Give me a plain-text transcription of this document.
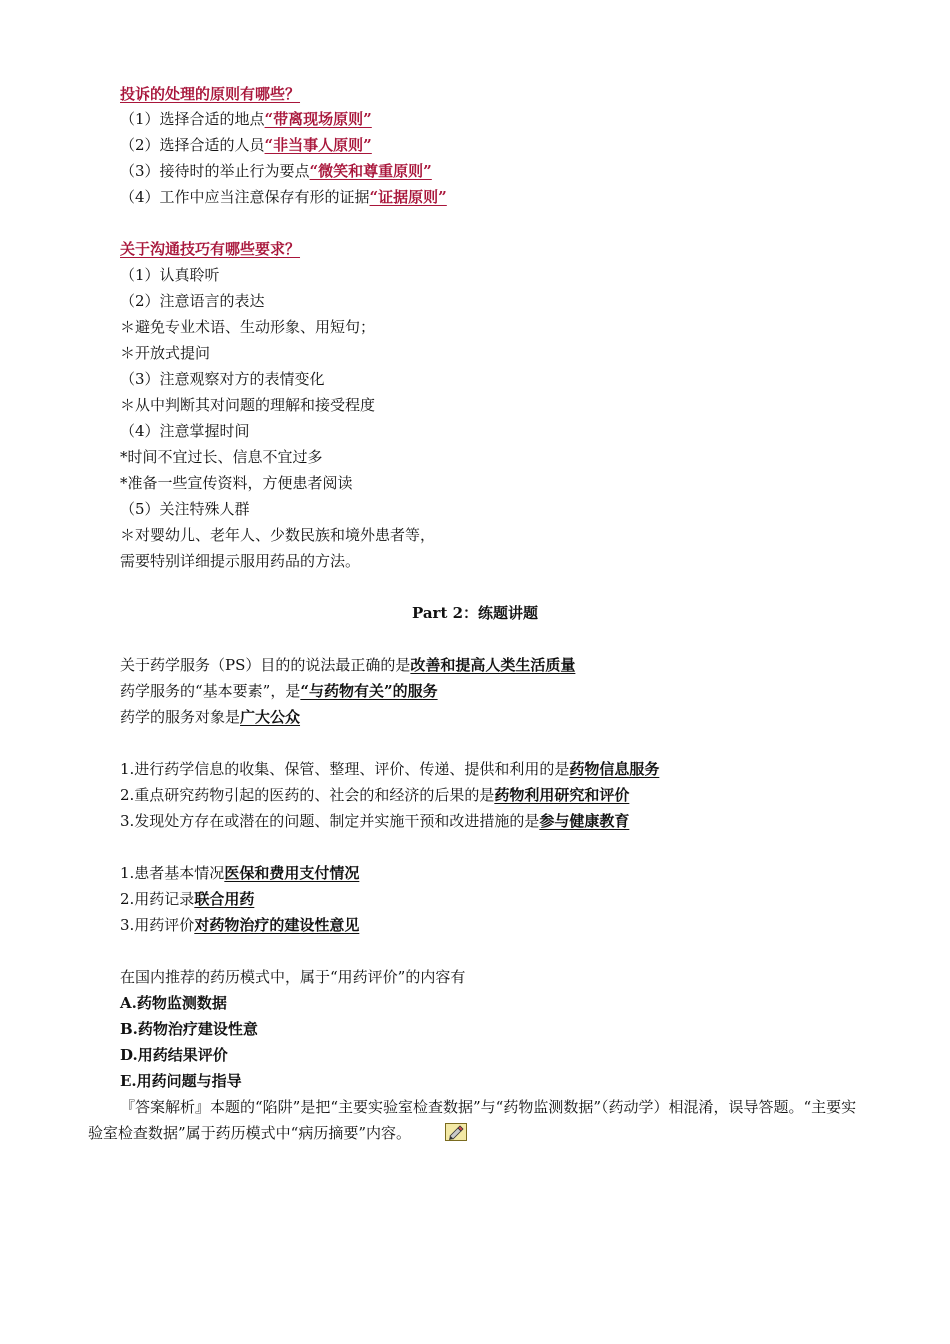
投诉的处理的原则有哪些？
（1）选择合适的地点“带离现场原则”
（2）选择合适的人员“非当事人原则”
（3）接待时的举止行为要点“微笑和尊重原则”
（4）工作中应当注意保存有形的证据“证据原则”
关于沟通技巧有哪些要求？
（1）认真聆听
（2）注意语言的表达
＊避免专业术语、生动形象、用短句；
＊开放式提问
（3）注意观察对方的表情变化
＊从中判断其对问题的理解和接受程度
（4）注意掌握时间
*时间不宜过长、信息不宜过多
*准备一些宣传资料，方便患者阅读
（5）关注特殊人群
＊对婴幼儿、老年人、少数民族和境外患者等，
需要特别详细提示服用药品的方法。
Part 2：练题讲题
关于药学服务（PS）目的的说法最正确的是改善和提高人类生活质量
药学服务的“基本要素”，是“与药物有关”的服务
药学的服务对象是广大公众
1.进行药学信息的收集、保管、整理、评价、传递、提供和利用的是药物信息服务
2.重点研究药物引起的医药的、社会的和经济的后果的是药物利用研究和评价
3.发现处方存在或潜在的问题、制定并实施干预和改进措施的是参与健康教育
1.患者基本情况医保和费用支付情况
2.用药记录联合用药
3.用药评价对药物治疗的建设性意见
在国内推荐的药历模式中，属于“用药评价”的内容有
A.药物监测数据
B.药物治疗建设性意
D.用药结果评价
E.用药问题与指导
『答案解析』本题的“陷阱”是把“主要实验室检查数据”与“药物监测数据”（药动学）相混淆，误导答题。“主要实验室检查数据”属于药历模式中“病历摘要”内容。
